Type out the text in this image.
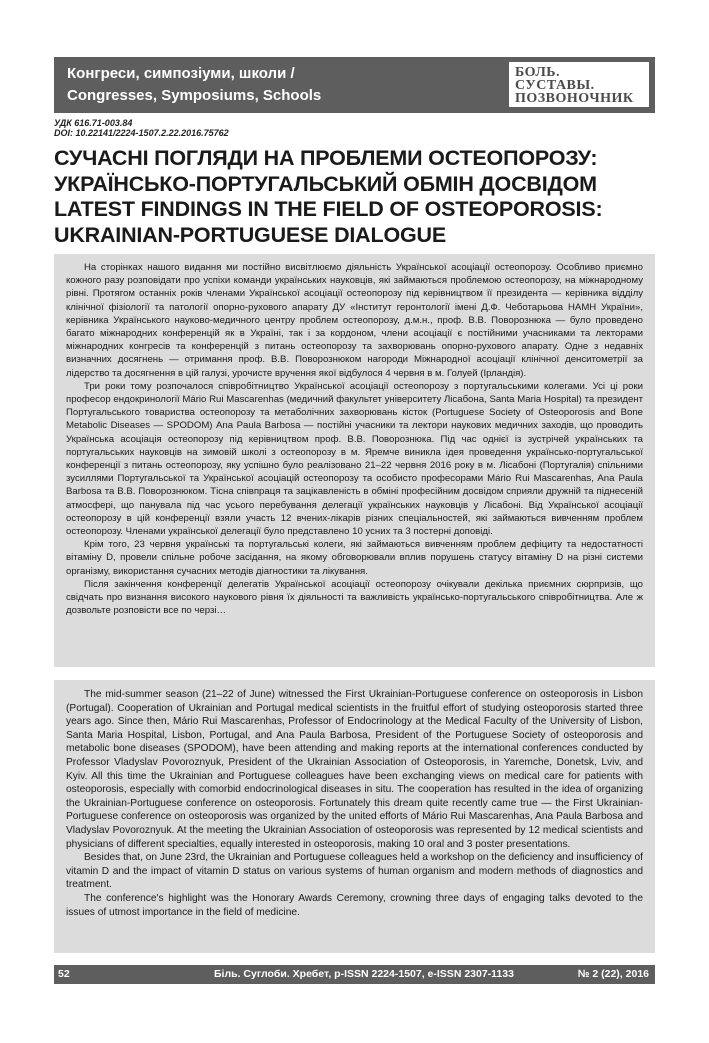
Конгреси, симпозіуми, школи /
Congresses, Symposiums, Schools
БОЛЬ.
СУСТАВЫ.
ПОЗВОНОЧНИК
УДК 616.71-003.84
DOI: 10.22141/2224-1507.2.22.2016.75762
СУЧАСНІ ПОГЛЯДИ НА ПРОБЛЕМИ ОСТЕОПОРОЗУ:
УКРАЇНСЬКО-ПОРТУГАЛЬСЬКИЙ ОБМІН ДОСВІДОМ
LATEST FINDINGS IN THE FIELD OF OSTEOPOROSIS:
UKRAINIAN-PORTUGUESE DIALOGUE

На сторінках нашого видання ми постійно висвітлюємо діяльність Української асоціації остеопорозу. Особливо приємно кожного разу розповідати про успіхи команди українських науковців, які займаються проблемою остеопорозу, на міжнародному рівні. Протягом останніх років членами Української асоціації остеопорозу під керівництвом її президента — керівника відділу клінічної фізіології та патології опорно-рухового апарату ДУ «Інститут геронтології імені Д.Ф. Чеботарьова НАМН України», керівника Українського науково-медичного центру проблем остеопорозу, д.м.н., проф. В.В. Поворознюка — було проведено багато міжнародних конференцій як в Україні, так і за кордоном, члени асоціації є постійними учасниками та лекторами міжнародних конгресів та конференцій з питань остеопорозу та захворювань опорно-рухового апарату. Одне з недавніх визначних досягнень — отримання проф. В.В. Поворознюком нагороди Міжнародної асоціації клінічної денситометрії за лідерство та досягнення в цій галузі, урочисте вручення якої відбулося 4 червня в м. Голуей (Ірландія).

Три роки тому розпочалося співробітництво Української асоціації остеопорозу з португальськими колегами. Усі ці роки професор ендокринології Mário Rui Mascarenhas (медичний факультет університету Лісабона, Santa Maria Hospital) та президент Португальського товариства остеопорозу та метаболічних захворювань кісток (Portuguese Society of Osteoporosis and Bone Metabolic Diseases — SPODOM) Ana Paula Barbosa — постійні учасники та лектори наукових медичних заходів, що проводить Українська асоціація остеопорозу під керівництвом проф. В.В. Поворознюка. Під час однієї із зустрічей українських та португальських науковців на зимовій школі з остеопорозу в м. Яремче виникла ідея проведення українсько-португальської конференції з питань остеопорозу, яку успішно було реалізовано 21–22 червня 2016 року в м. Лісабоні (Португалія) спільними зусиллями Португальської та Української асоціацій остеопорозу та особисто професорами Mário Rui Mascarenhas, Ana Paula Barbosa та В.В. Поворознюком. Тісна співпраця та зацікавленість в обміні професійним досвідом сприяли дружній та піднесеній атмосфері, що панувала під час усього перебування делегації українських науковців у Лісабоні. Від Української асоціації остеопорозу в цій конференції взяли участь 12 вчених-лікарів різних спеціальностей, які займаються вивченням проблем остеопорозу. Членами української делегації було представлено 10 усних та 3 постерні доповіді.

Крім того, 23 червня українські та португальські колеги, які займаються вивченням проблем дефіциту та недостатності вітаміну D, провели спільне робоче засідання, на якому обговорювали вплив порушень статусу вітаміну D на різні системи організму, використання сучасних методів діагностики та лікування.

Після закінчення конференції делегатів Української асоціації остеопорозу очікували декілька приємних сюрпризів, що свідчать про визнання високого наукового рівня їх діяльності та важливість українсько-португальського співробітництва. Але ж дозвольте розповісти все по черзі…

The mid-summer season (21–22 of June) witnessed the First Ukrainian-Portuguese conference on osteoporosis in Lisbon (Portugal). Cooperation of Ukrainian and Portugal medical scientists in the fruitful effort of studying osteoporosis started three years ago. Since then, Mário Rui Mascarenhas, Professor of Endocrinology at the Medical Faculty of the University of Lisbon, Santa Maria Hospital, Lisbon, Portugal, and Ana Paula Barbosa, President of the Portuguese Society of osteoporosis and metabolic bone diseases (SPODOM), have been attending and making reports at the international conferences conducted by Professor Vladyslav Povoroznyuk, President of the Ukrainian Association of Osteoporosis, in Yaremche, Donetsk, Lviv, and Kyiv. All this time the Ukrainian and Portuguese colleagues have been exchanging views on medical care for patients with osteoporosis, especially with comorbid endocrinological diseases in situ. The cooperation has resulted in the idea of organizing the Ukrainian-Portuguese conference on osteoporosis. Fortunately this dream quite recently came true — the First Ukrainian-Portuguese conference on osteoporosis was organized by the united efforts of Mário Rui Mascarenhas, Ana Paula Barbosa and Vladyslav Povoroznyuk. At the meeting the Ukrainian Association of osteoporosis was represented by 12 medical scientists and physicians of different specialties, equally interested in osteoporosis, making 10 oral and 3 poster presentations.

Besides that, on June 23rd, the Ukrainian and Portuguese colleagues held a workshop on the deficiency and insufficiency of vitamin D and the impact of vitamin D status on various systems of human organism and modern methods of diagnostics and treatment.

The conference's highlight was the Honorary Awards Ceremony, crowning three days of engaging talks devoted to the issues of utmost importance in the field of medicine.

52	Біль. Суглоби. Хребет, p-ISSN 2224-1507, e-ISSN 2307-1133	№ 2 (22), 2016
